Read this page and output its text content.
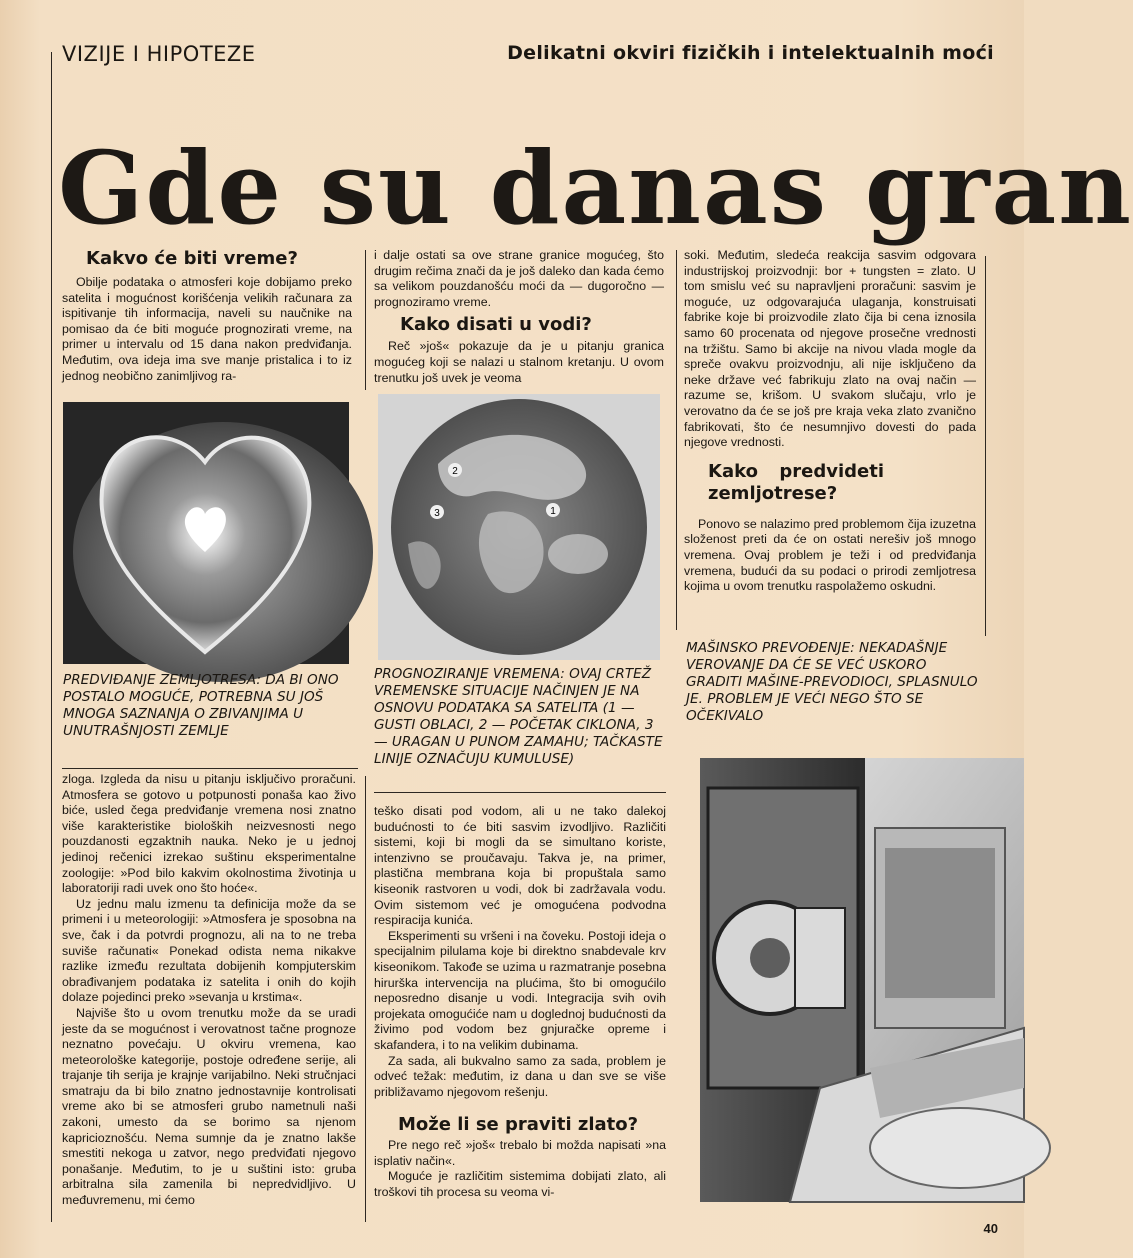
VIZIJE I HIPOTEZE	Delikatni okviri fizičkih i intelektualnih moći
Gde su danas gran
Kakvo će biti vreme?

Obilje podataka o atmosferi koje dobijamo preko satelita i mogućnost korišćenja velikih računara za ispitivanje tih informacija, naveli su naučnike na pomisao da će biti moguće prognozirati vreme, na primer u intervalu od 15 dana nakon predviđanja. Međutim, ova ideja ima sve manje pristalica i to iz jednog neobično zanimljivog ra-

i dalje ostati sa ove strane granice mogućeg, što drugim rečima znači da je još daleko dan kada ćemo sa velikom pouzdanošću moći da — dugoročno — prognoziramo vreme.

Kako disati u vodi?

Reč »još« pokazuje da je u pitanju granica mogućeg koji se nalazi u stalnom kretanju. U ovom trenutku još uvek je veoma

soki. Međutim, sledeća reakcija sasvim odgovara industrijskoj proizvodnji: bor + tungsten = zlato. U tom smislu već su napravljeni proračuni: sasvim je moguće, uz odgovarajuća ulaganja, konstruisati fabrike koje bi proizvodile zlato čija bi cena iznosila samo 60 procenata od njegove prosečne vrednosti na tržištu. Samo bi akcije na nivou vlada mogle da spreče ovakvu proizvodnju, ali nije isključeno da neke države već fabrikuju zlato na ovaj način — razume se, krišom. U svakom slučaju, vrlo je verovatno da će se još pre kraja veka zlato zvanično fabrikovati, što će nesumnjivo dovesti do pada njegove vrednosti.

Kako predvideti zemljotrese?

Ponovo se nalazimo pred problemom čija izuzetna složenost preti da će on ostati nerešiv još mnogo vremena. Ovaj problem je teži i od predviđanja vremena, budući da su podaci o prirodi zemljotresa kojima u ovom trenutku raspolažemo oskudni.

2
3	1
PREDVIĐANJE ZEMLJOTRESA: DA BI ONO POSTALO MOGUĆE, POTREBNA SU JOŠ MNOGA SAZNANJA O ZBIVANJIMA U UNUTRAŠNJOSTI ZEMLJE
PROGNOZIRANJE VREMENA: OVAJ CRTEŽ VREMENSKE SITUACIJE NAČINJEN JE NA OSNOVU PODATAKA SA SATELITA (1 — GUSTI OBLACI, 2 — POČETAK CIKLONA, 3 — URAGAN U PUNOM ZAMAHU; TAČKASTE LINIJE OZNAČUJU KUMULUSE)
MAŠINSKO PREVOĐENJE: NEKADAŠNJE VEROVANJE DA ĆE SE VEĆ USKORO GRADITI MAŠINE-PREVODIOCI, SPLASNULO JE. PROBLEM JE VEĆI NEGO ŠTO SE OČEKIVALO

zloga. Izgleda da nisu u pitanju isključivo proračuni. Atmosfera se gotovo u potpunosti ponaša kao živo biće, usled čega predviđanje vremena nosi znatno više karakteristike bioloških neizvesnosti nego pouzdanosti egzaktnih nauka. Neko je u jednoj jedinoj rečenici izrekao suštinu eksperimentalne zoologije: »Pod bilo kakvim okolnostima životinja u laboratoriji radi uvek ono što hoće«.

Uz jednu malu izmenu ta definicija može da se primeni i u meteorologiji: »Atmosfera je sposobna na sve, čak i da potvrdi prognozu, ali na to ne treba suviše računati« Ponekad odista nema nikakve razlike između rezultata dobijenih kompjuterskim obrađivanjem podataka iz satelita i onih do kojih dolaze pojedinci preko »sevanja u krstima«.

Najviše što u ovom trenutku može da se uradi jeste da se mogućnost i verovatnost tačne prognoze neznatno povećaju. U okviru vremena, kao meteorološke kategorije, postoje određene serije, ali trajanje tih serija je krajnje varijabilno. Neki stručnjaci smatraju da bi bilo znatno jednostavnije kontrolisati vreme ako bi se atmosferi grubo nametnuli naši zakoni, umesto da se borimo sa njenom kapricioznošću. Nema sumnje da je znatno lakše smestiti nekoga u zatvor, nego predviđati njegovo ponašanje. Međutim, to je u suštini isto: gruba arbitralna sila zamenila bi nepredvidljivo. U međuvremenu, mi ćemo

teško disati pod vodom, ali u ne tako dalekoj budućnosti to će biti sasvim izvodljivo. Različiti sistemi, koji bi mogli da se simultano koriste, intenzivno se proučavaju. Takva je, na primer, plastična membrana koja bi propuštala samo kiseonik rastvoren u vodi, dok bi zadržavala vodu. Ovim sistemom već je omogućena podvodna respiracija kunića.

Eksperimenti su vršeni i na čoveku. Postoji ideja o specijalnim pilulama koje bi direktno snabdevale krv kiseonikom. Takođe se uzima u razmatranje posebna hirurška intervencija na plućima, što bi omogućilo neposredno disanje u vodi. Integracija svih ovih projekata omogućiće nam u doglednoj budućnosti da živimo pod vodom bez gnjuračke opreme i skafandera, i to na velikim dubinama.

Za sada, ali bukvalno samo za sada, problem je odveć težak: međutim, iz dana u dan sve se više približavamo njegovom rešenju.

Može li se praviti zlato?

Pre nego reč »još« trebalo bi možda napisati »na isplativ način«.

Moguće je različitim sistemima dobijati zlato, ali troškovi tih procesa su veoma vi-

40
